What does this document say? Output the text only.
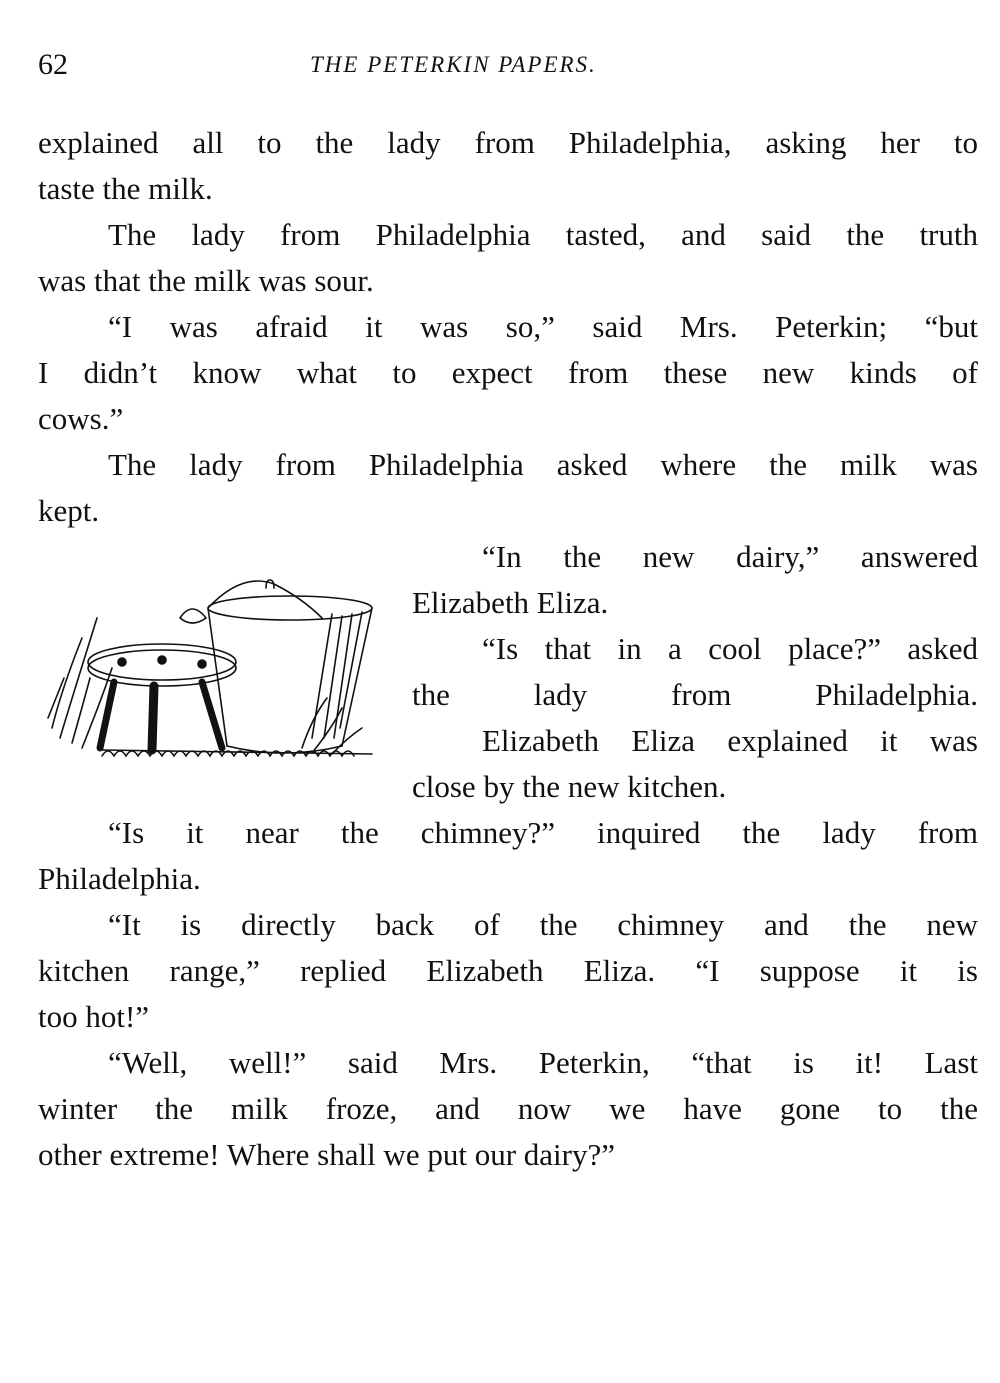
62	THE PETERKIN PAPERS.
explained all to the lady from Philadelphia, asking her to
taste the milk.
The lady from Philadelphia tasted, and said the truth
was that the milk was sour.
“I was afraid it was so,” said Mrs. Peterkin; “but
I didn’t know what to expect from these new kinds of
cows.”
The lady from Philadelphia asked where the milk was
kept.
“In the new dairy,” answered
Elizabeth Eliza.
“Is that in a cool place?” asked
the lady from Philadelphia.
Elizabeth Eliza explained it was
close by the new kitchen.
“Is it near the chimney?” inquired the lady from
Philadelphia.
“It is directly back of the chimney and the new
kitchen range,” replied Elizabeth Eliza. “I suppose it is
too hot!”
“Well, well!” said Mrs. Peterkin, “that is it! Last
winter the milk froze, and now we have gone to the
other extreme! Where shall we put our dairy?”
